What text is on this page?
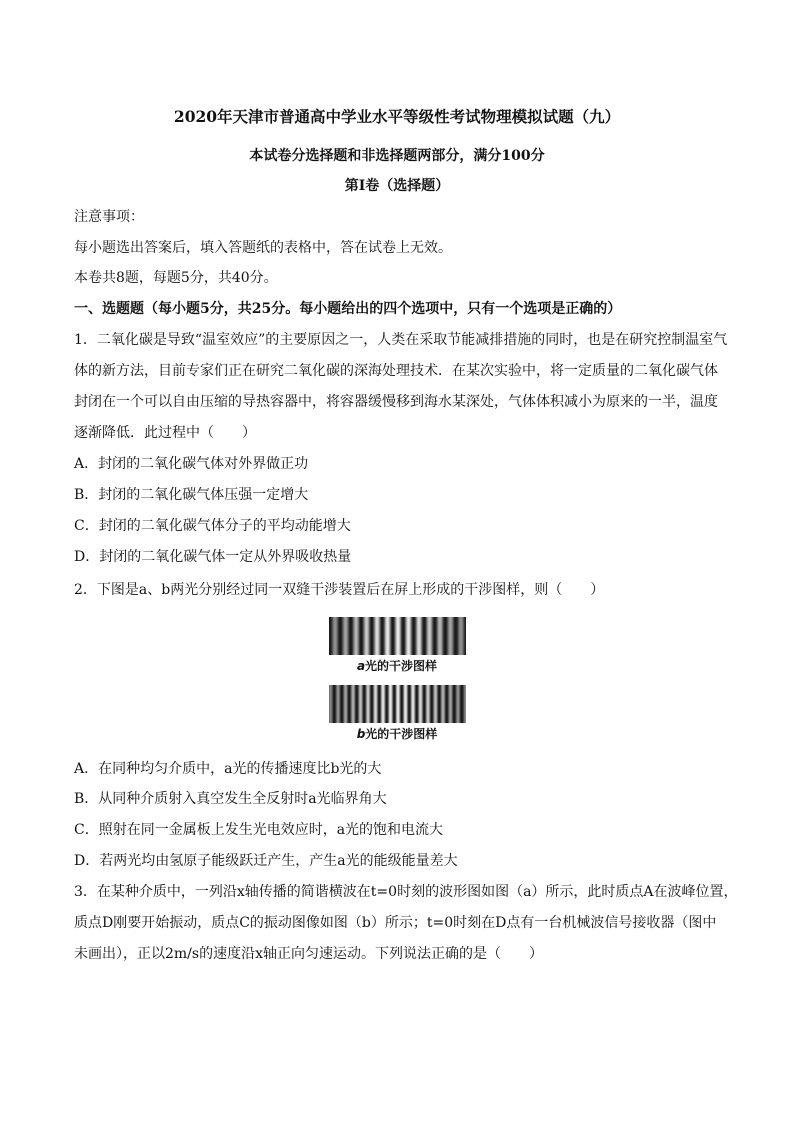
2020年天津市普通高中学业水平等级性考试物理模拟试题（九）
本试卷分选择题和非选择题两部分，满分100分
第Ⅰ卷（选择题）
注意事项：
每小题选出答案后，填入答题纸的表格中，答在试卷上无效。
本卷共8题，每题5分，共40分。
一、选题题（每小题5分，共25分。每小题给出的四个选项中，只有一个选项是正确的）
1．二氧化碳是导致“温室效应”的主要原因之一，人类在采取节能减排措施的同时，也是在研究控制温室气
体的新方法，目前专家们正在研究二氧化碳的深海处理技术．在某次实验中，将一定质量的二氧化碳气体
封闭在一个可以自由压缩的导热容器中，将容器缓慢移到海水某深处，气体体积减小为原来的一半，温度
逐渐降低．此过程中（　　）
A．封闭的二氧化碳气体对外界做正功
B．封闭的二氧化碳气体压强一定增大
C．封闭的二氧化碳气体分子的平均动能增大
D．封闭的二氧化碳气体一定从外界吸收热量
2．下图是a、b两光分别经过同一双缝干涉装置后在屏上形成的干涉图样，则（　　）
a光的干涉图样
b光的干涉图样
A．在同种均匀介质中，a光的传播速度比b光的大
B．从同种介质射入真空发生全反射时a光临界角大
C．照射在同一金属板上发生光电效应时，a光的饱和电流大
D．若两光均由氢原子能级跃迁产生，产生a光的能级能量差大
3．在某种介质中，一列沿x轴传播的简谐横波在t=0时刻的波形图如图（a）所示，此时质点A在波峰位置，
质点D刚要开始振动，质点C的振动图像如图（b）所示；t=0时刻在D点有一台机械波信号接收器（图中
未画出），正以2m/s的速度沿x轴正向匀速运动。下列说法正确的是（　　）
